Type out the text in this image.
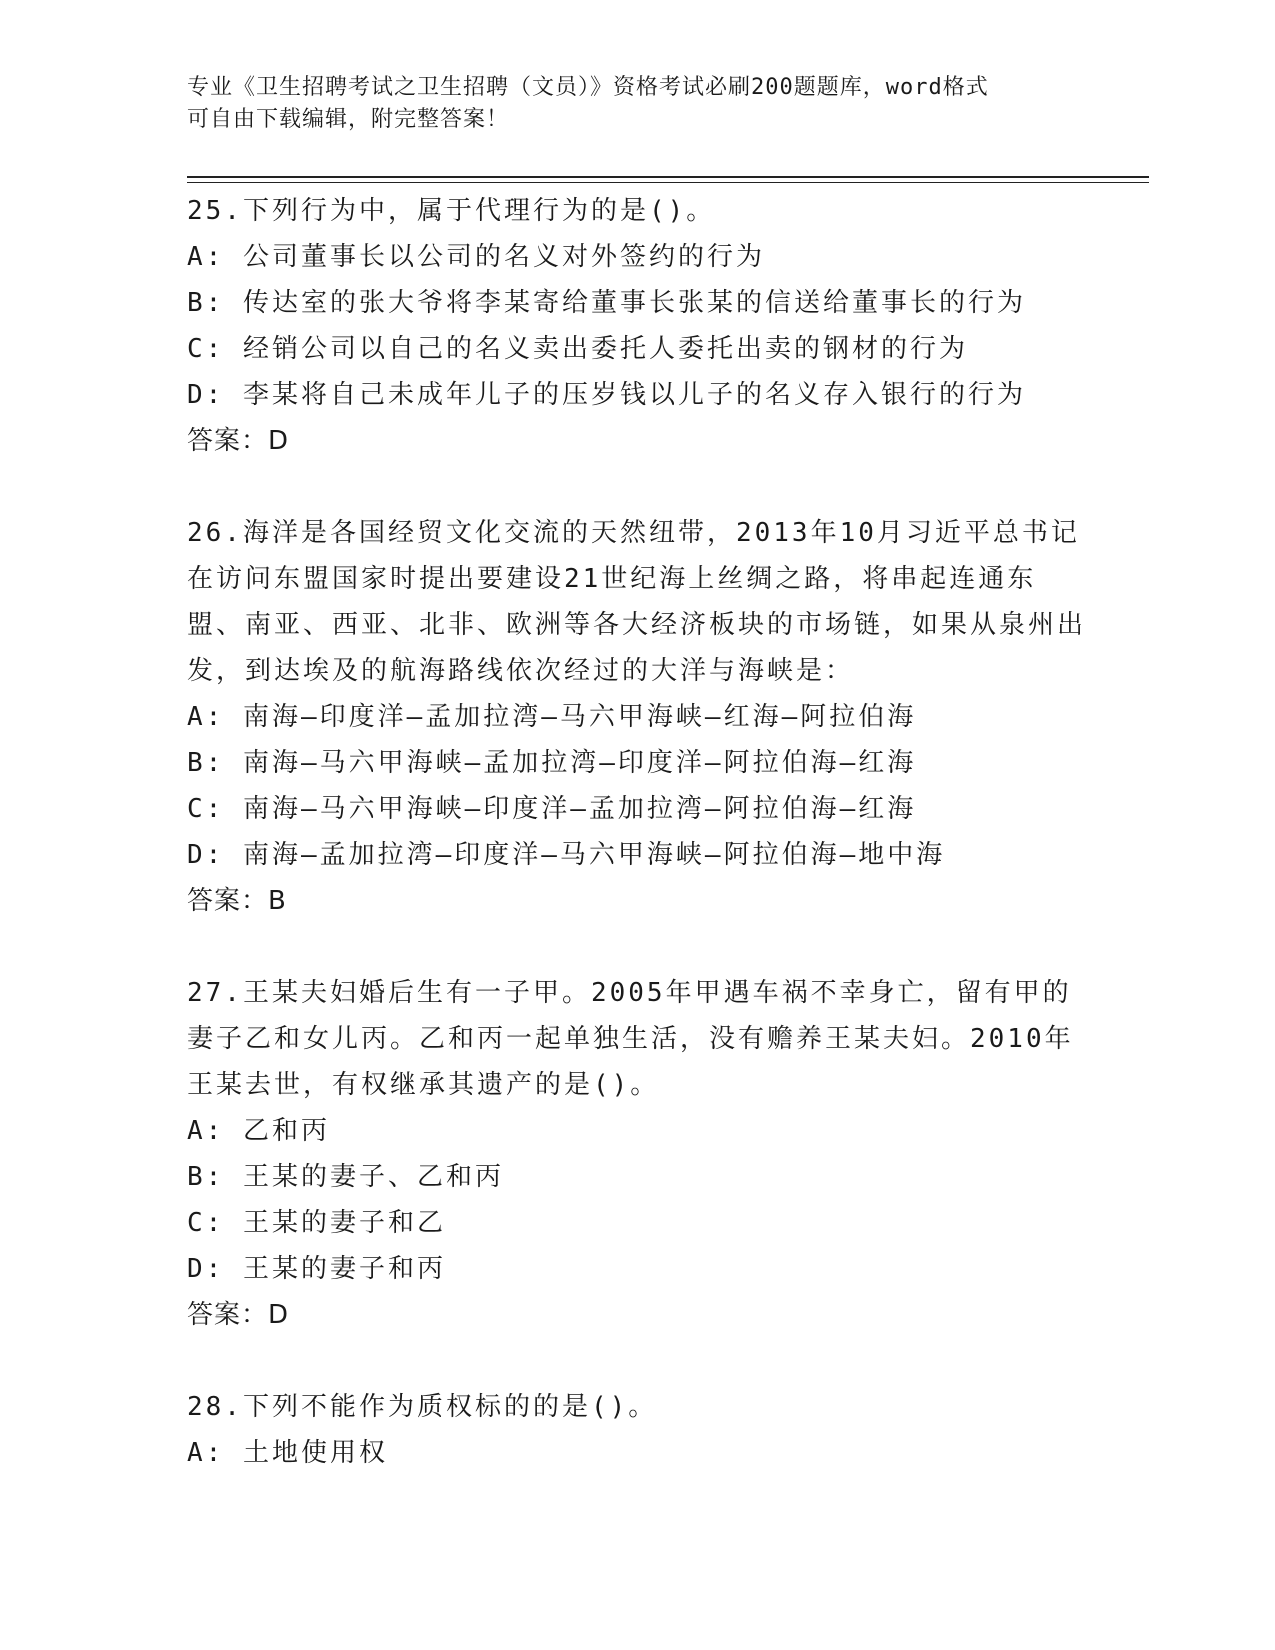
专业《卫生招聘考试之卫生招聘（文员）》资格考试必刷200题题库，word格式
可自由下载编辑，附完整答案！
25.下列行为中，属于代理行为的是()。
A: 公司董事长以公司的名义对外签约的行为
B: 传达室的张大爷将李某寄给董事长张某的信送给董事长的行为
C: 经销公司以自己的名义卖出委托人委托出卖的钢材的行为
D: 李某将自己未成年儿子的压岁钱以儿子的名义存入银行的行为
答案：D
26.海洋是各国经贸文化交流的天然纽带，2013年10月习近平总书记在访问东盟国家时提出要建设21世纪海上丝绸之路，将串起连通东盟、南亚、西亚、北非、欧洲等各大经济板块的市场链，如果从泉州出发，到达埃及的航海路线依次经过的大洋与海峡是：
A: 南海—印度洋—孟加拉湾—马六甲海峡—红海—阿拉伯海
B: 南海—马六甲海峡—孟加拉湾—印度洋—阿拉伯海—红海
C: 南海—马六甲海峡—印度洋—孟加拉湾—阿拉伯海—红海
D: 南海—孟加拉湾—印度洋—马六甲海峡—阿拉伯海—地中海
答案：B
27.王某夫妇婚后生有一子甲。2005年甲遇车祸不幸身亡，留有甲的妻子乙和女儿丙。乙和丙一起单独生活，没有赡养王某夫妇。2010年王某去世，有权继承其遗产的是()。
A: 乙和丙
B: 王某的妻子、乙和丙
C: 王某的妻子和乙
D: 王某的妻子和丙
答案：D
28.下列不能作为质权标的的是()。
A: 土地使用权
